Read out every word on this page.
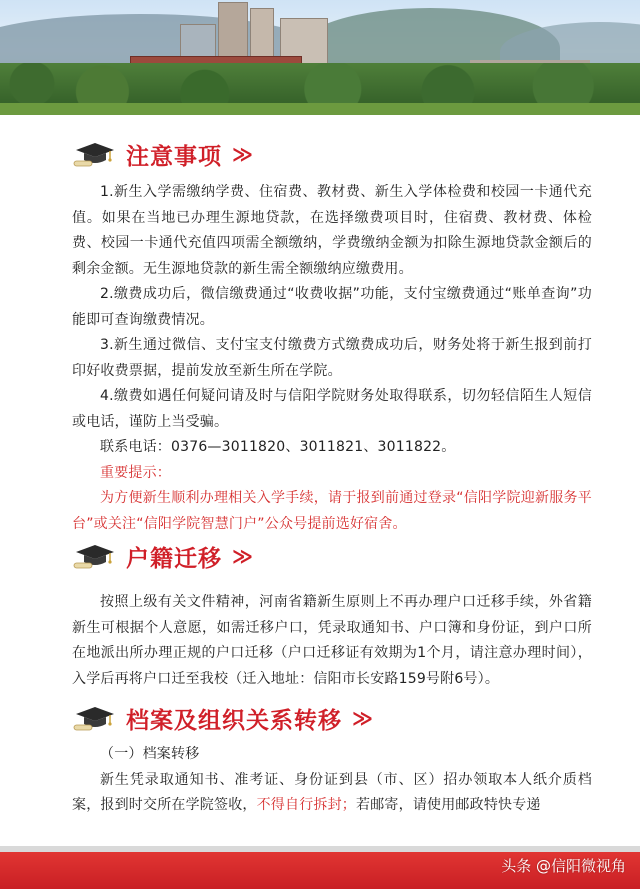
注意事项 ≫

1.新生入学需缴纳学费、住宿费、教材费、新生入学体检费和校园一卡通代充值。如果在当地已办理生源地贷款，在选择缴费项目时，住宿费、教材费、体检费、校园一卡通代充值四项需全额缴纳，学费缴纳金额为扣除生源地贷款金额后的剩余金额。无生源地贷款的新生需全额缴纳应缴费用。

2.缴费成功后，微信缴费通过“收费收据”功能，支付宝缴费通过“账单查询”功能即可查询缴费情况。

3.新生通过微信、支付宝支付缴费方式缴费成功后，财务处将于新生报到前打印好收费票据，提前发放至新生所在学院。

4.缴费如遇任何疑问请及时与信阳学院财务处取得联系，切勿轻信陌生人短信或电话，谨防上当受骗。

联系电话：0376—3011820、3011821、3011822。

重要提示：

为方便新生顺利办理相关入学手续，请于报到前通过登录“信阳学院迎新服务平台”或关注“信阳学院智慧门户”公众号提前选好宿舍。

户籍迁移 ≫

按照上级有关文件精神，河南省籍新生原则上不再办理户口迁移手续，外省籍新生可根据个人意愿，如需迁移户口，凭录取通知书、户口簿和身份证，到户口所在地派出所办理正规的户口迁移（户口迁移证有效期为1个月，请注意办理时间），入学后再将户口迁至我校（迁入地址：信阳市长安路159号附6号）。

档案及组织关系转移 ≫

（一）档案转移

新生凭录取通知书、准考证、身份证到县（市、区）招办领取本人纸介质档案，报到时交所在学院签收，不得自行拆封；若邮寄，请使用邮政特快专递

头条 @信阳微视角
